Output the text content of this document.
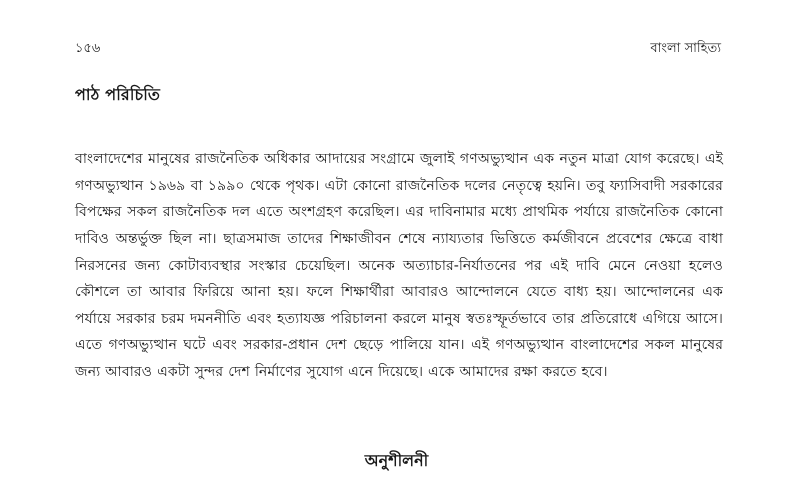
১৫৬	বাংলা সাহিত্য
পাঠ পরিচিতি

বাংলাদেশের মানুষের রাজনৈতিক অধিকার আদায়ের সংগ্রামে জুলাই গণঅভ্যুত্থান এক নতুন মাত্রা যোগ করেছে। এই গণঅভ্যুত্থান ১৯৬৯ বা ১৯৯০ থেকে পৃথক। এটা কোনো রাজনৈতিক দলের নেতৃত্বে হয়নি। তবু ফ্যাসিবাদী সরকারের বিপক্ষের সকল রাজনৈতিক দল এতে অংশগ্রহণ করেছিল। এর দাবিনামার মধ্যে প্রাথমিক পর্যায়ে রাজনৈতিক কোনো দাবিও অন্তর্ভুক্ত ছিল না। ছাত্রসমাজ তাদের শিক্ষাজীবন শেষে ন্যায্যতার ভিত্তিতে কর্মজীবনে প্রবেশের ক্ষেত্রে বাধা নিরসনের জন্য কোটাব্যবস্থার সংস্কার চেয়েছিল। অনেক অত্যাচার-নির্যাতনের পর এই দাবি মেনে নেওয়া হলেও কৌশলে তা আবার ফিরিয়ে আনা হয়। ফলে শিক্ষার্থীরা আবারও আন্দোলনে যেতে বাধ্য হয়। আন্দোলনের এক পর্যায়ে সরকার চরম দমননীতি এবং হত্যাযজ্ঞ পরিচালনা করলে মানুষ স্বতঃস্ফূর্তভাবে তার প্রতিরোধে এগিয়ে আসে। এতে গণঅভ্যুত্থান ঘটে এবং সরকার-প্রধান দেশ ছেড়ে পালিয়ে যান। এই গণঅভ্যুত্থান বাংলাদেশের সকল মানুষের জন্য আবারও একটা সুন্দর দেশ নির্মাণের সুযোগ এনে দিয়েছে। একে আমাদের রক্ষা করতে হবে।

অনুশীলনী
